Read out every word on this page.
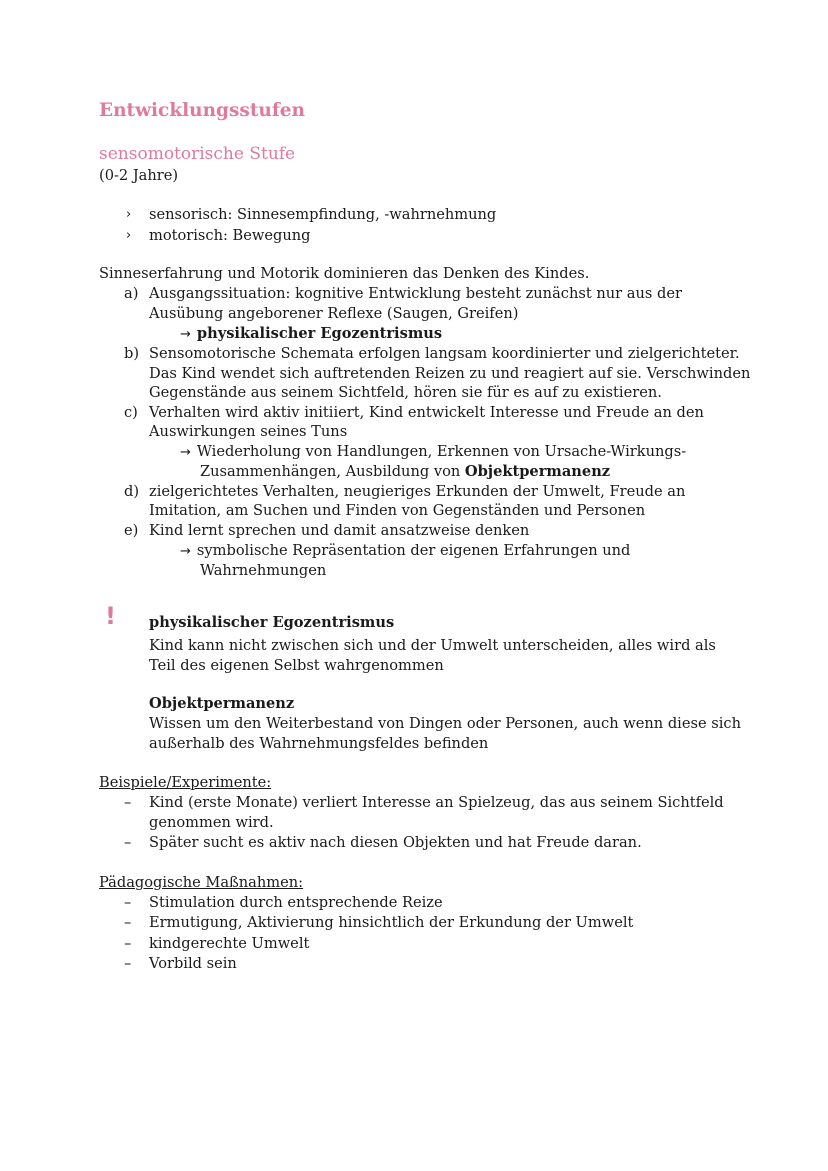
Entwicklungsstufen
sensomotorische Stufe
(0-2 Jahre)
› sensorisch: Sinnesempfindung, -wahrnehmung
› motorisch: Bewegung
Sinneserfahrung und Motorik dominieren das Denken des Kindes.
a) Ausgangssituation: kognitive Entwicklung besteht zunächst nur aus der
Ausübung angeborener Reflexe (Saugen, Greifen)
→ physikalischer Egozentrismus
b) Sensomotorische Schemata erfolgen langsam koordinierter und zielgerichteter.
Das Kind wendet sich auftretenden Reizen zu und reagiert auf sie. Verschwinden
Gegenstände aus seinem Sichtfeld, hören sie für es auf zu existieren.
c) Verhalten wird aktiv initiiert, Kind entwickelt Interesse und Freude an den
Auswirkungen seines Tuns
→ Wiederholung von Handlungen, Erkennen von Ursache-Wirkungs-
Zusammenhängen, Ausbildung von Objektpermanenz
d) zielgerichtetes Verhalten, neugieriges Erkunden der Umwelt, Freude an
Imitation, am Suchen und Finden von Gegenständen und Personen
e) Kind lernt sprechen und damit ansatzweise denken
→ symbolische Repräsentation der eigenen Erfahrungen und
Wahrnehmungen
! physikalischer Egozentrismus
Kind kann nicht zwischen sich und der Umwelt unterscheiden, alles wird als
Teil des eigenen Selbst wahrgenommen
Objektpermanenz
Wissen um den Weiterbestand von Dingen oder Personen, auch wenn diese sich
außerhalb des Wahrnehmungsfeldes befinden
Beispiele/Experimente:
– Kind (erste Monate) verliert Interesse an Spielzeug, das aus seinem Sichtfeld
genommen wird.
– Später sucht es aktiv nach diesen Objekten und hat Freude daran.
Pädagogische Maßnahmen:
– Stimulation durch entsprechende Reize
– Ermutigung, Aktivierung hinsichtlich der Erkundung der Umwelt
– kindgerechte Umwelt
– Vorbild sein
